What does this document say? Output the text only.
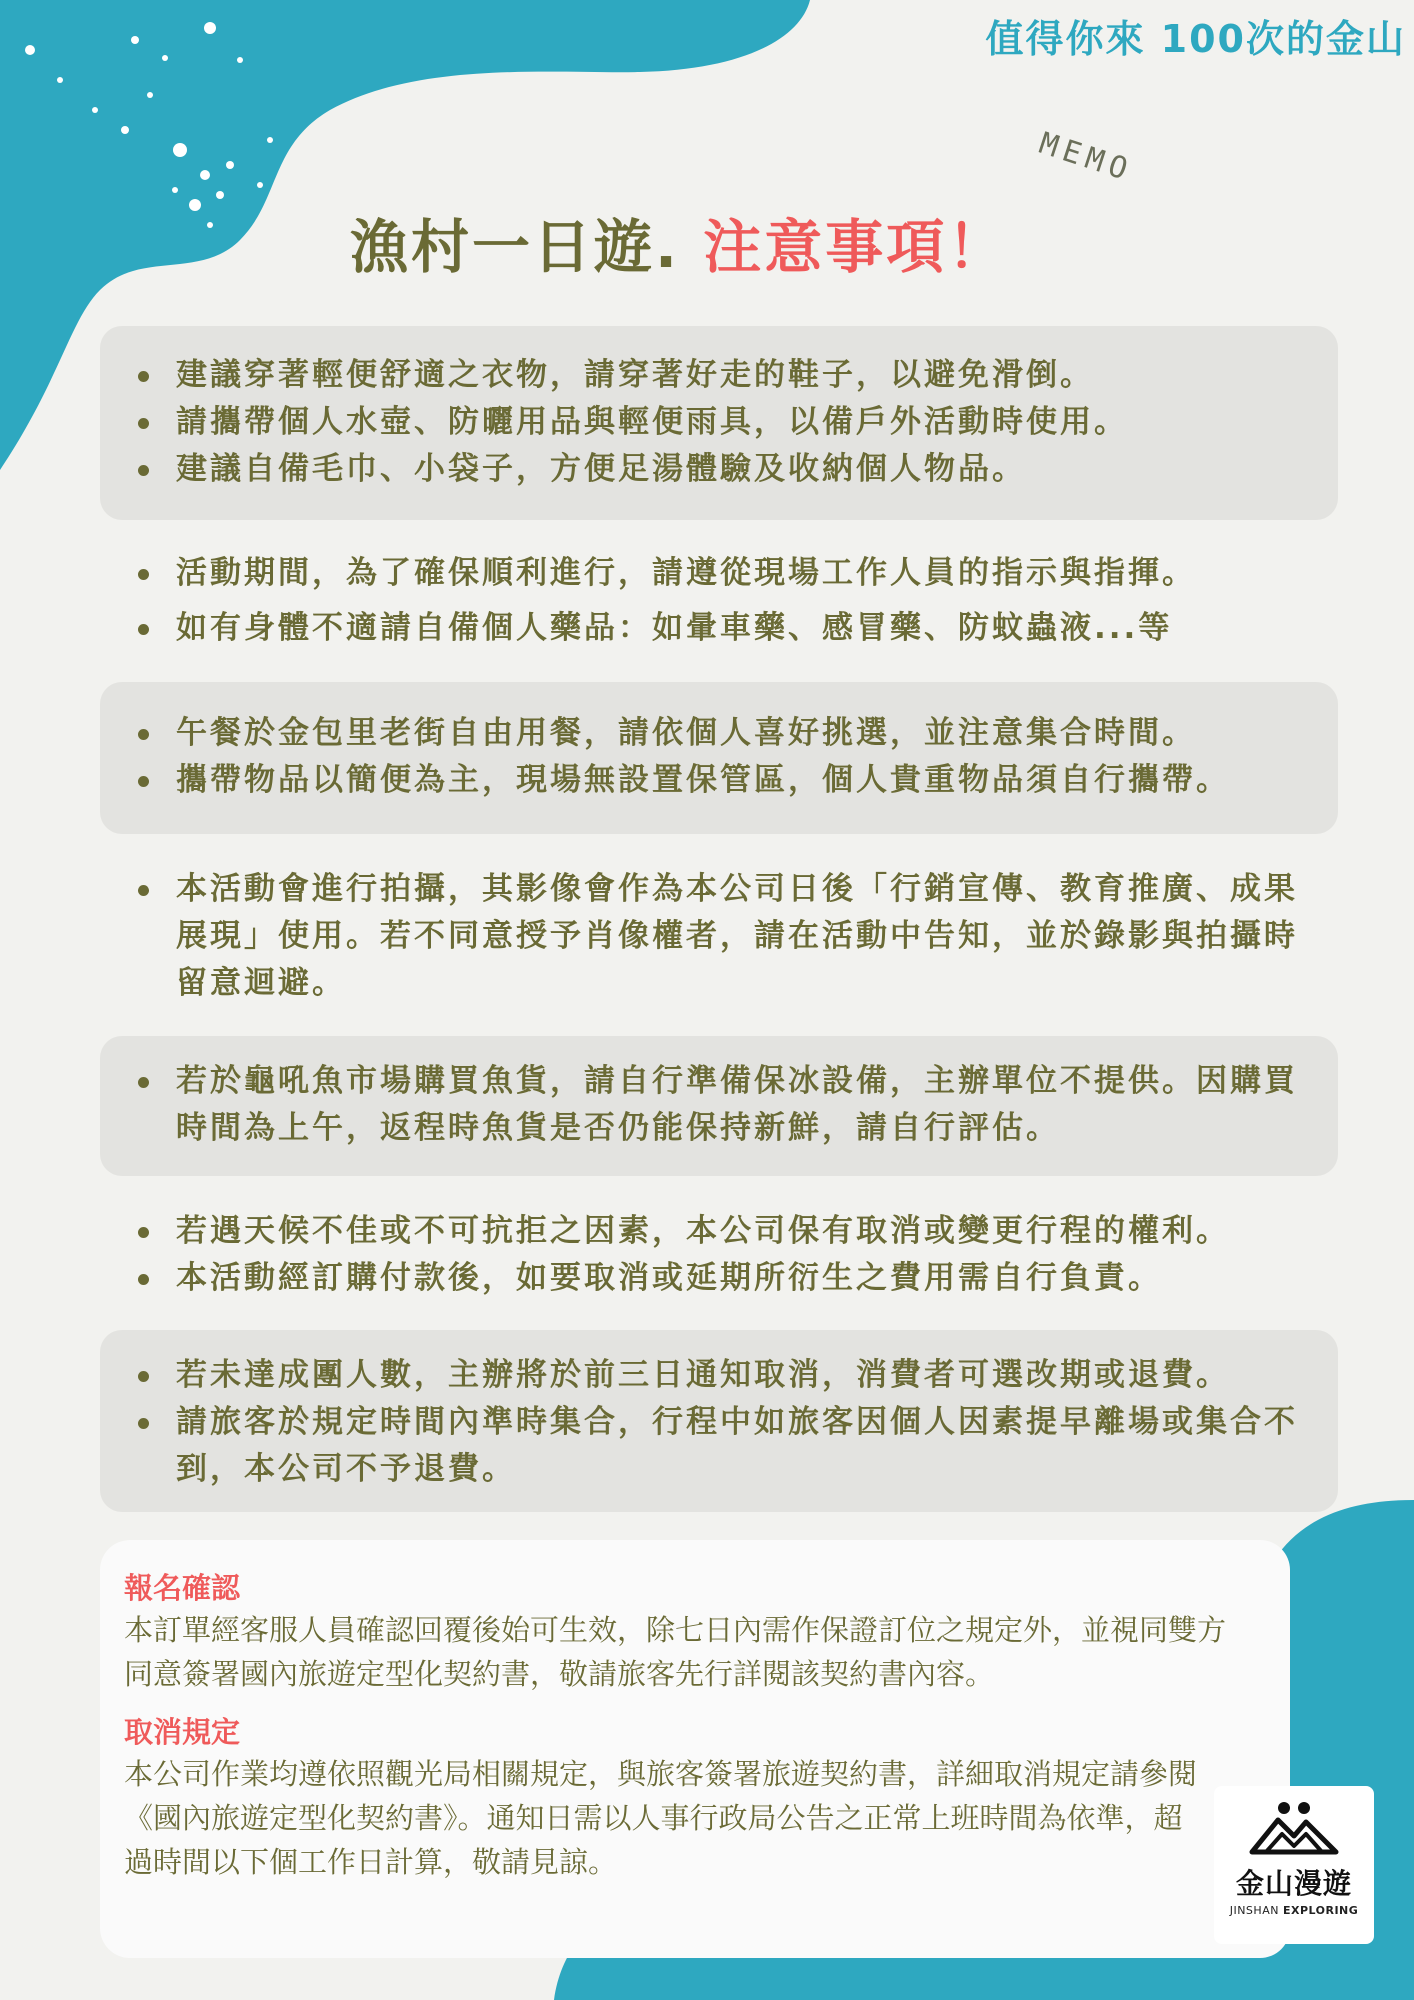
值得你來 100次的金山
MEMO
漁村一日遊. 注意事項！
建議穿著輕便舒適之衣物，請穿著好走的鞋子，以避免滑倒。
請攜帶個人水壺、防曬用品與輕便雨具，以備戶外活動時使用。
建議自備毛巾、小袋子，方便足湯體驗及收納個人物品。
活動期間，為了確保順利進行，請遵從現場工作人員的指示與指揮。
如有身體不適請自備個人藥品：如暈車藥、感冒藥、防蚊蟲液...等
午餐於金包里老街自由用餐，請依個人喜好挑選，並注意集合時間。
攜帶物品以簡便為主，現場無設置保管區，個人貴重物品須自行攜帶。
本活動會進行拍攝，其影像會作為本公司日後「行銷宣傳、教育推廣、成果展現」使用。若不同意授予肖像權者，請在活動中告知，並於錄影與拍攝時留意迴避。
若於龜吼魚市場購買魚貨，請自行準備保冰設備，主辦單位不提供。因購買時間為上午，返程時魚貨是否仍能保持新鮮，請自行評估。
若遇天候不佳或不可抗拒之因素，本公司保有取消或變更行程的權利。
本活動經訂購付款後，如要取消或延期所衍生之費用需自行負責。
若未達成團人數，主辦將於前三日通知取消，消費者可選改期或退費。
請旅客於規定時間內準時集合，行程中如旅客因個人因素提早離場或集合不到，本公司不予退費。

報名確認

本訂單經客服人員確認回覆後始可生效，除七日內需作保證訂位之規定外，並視同雙方同意簽署國內旅遊定型化契約書，敬請旅客先行詳閱該契約書內容。

取消規定

本公司作業均遵依照觀光局相關規定，與旅客簽署旅遊契約書，詳細取消規定請參閱《國內旅遊定型化契約書》。通知日需以人事行政局公告之正常上班時間為依準，超過時間以下個工作日計算，敬請見諒。

金山漫遊
JINSHAN EXPLORING
